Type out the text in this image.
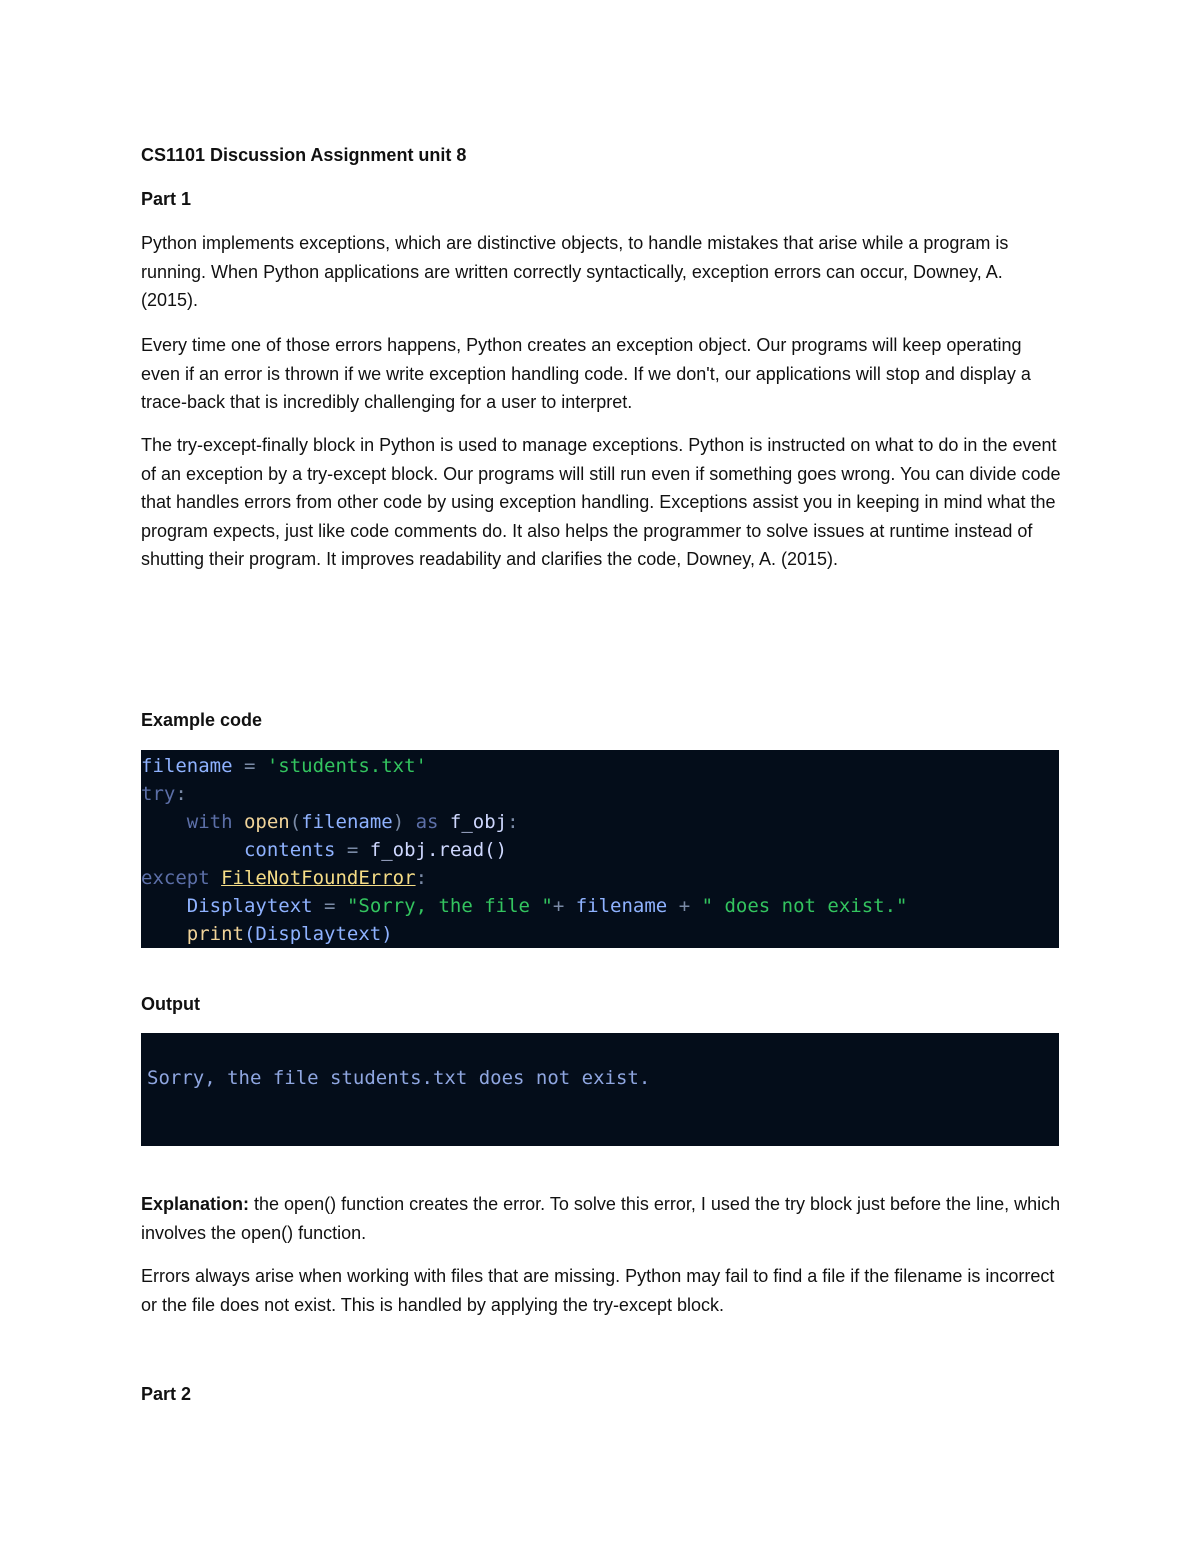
CS1101 Discussion Assignment unit 8
Part 1

Python implements exceptions, which are distinctive objects, to handle mistakes that arise while a program is running. When Python applications are written correctly syntactically, exception errors can occur, Downey, A. (2015).

Every time one of those errors happens, Python creates an exception object. Our programs will keep operating even if an error is thrown if we write exception handling code. If we don't, our applications will stop and display a trace-back that is incredibly challenging for a user to interpret.

The try-except-finally block in Python is used to manage exceptions. Python is instructed on what to do in the event of an exception by a try-except block. Our programs will still run even if something goes wrong. You can divide code that handles errors from other code by using exception handling. Exceptions assist you in keeping in mind what the program expects, just like code comments do. It also helps the programmer to solve issues at runtime instead of shutting their program. It improves readability and clarifies the code, Downey, A. (2015).

Example code
filename = 'students.txt'
try:
with open(filename) as f_obj:
contents = f_obj.read()
except FileNotFoundError:
Displaytext = "Sorry, the file "+ filename + " does not exist."
print(Displaytext)
Output

Sorry, the file students.txt does not exist.

Explanation: the open() function creates the error. To solve this error, I used the try block just before the line, which involves the open() function.

Errors always arise when working with files that are missing. Python may fail to find a file if the filename is incorrect or the file does not exist. This is handled by applying the try-except block.

Part 2
